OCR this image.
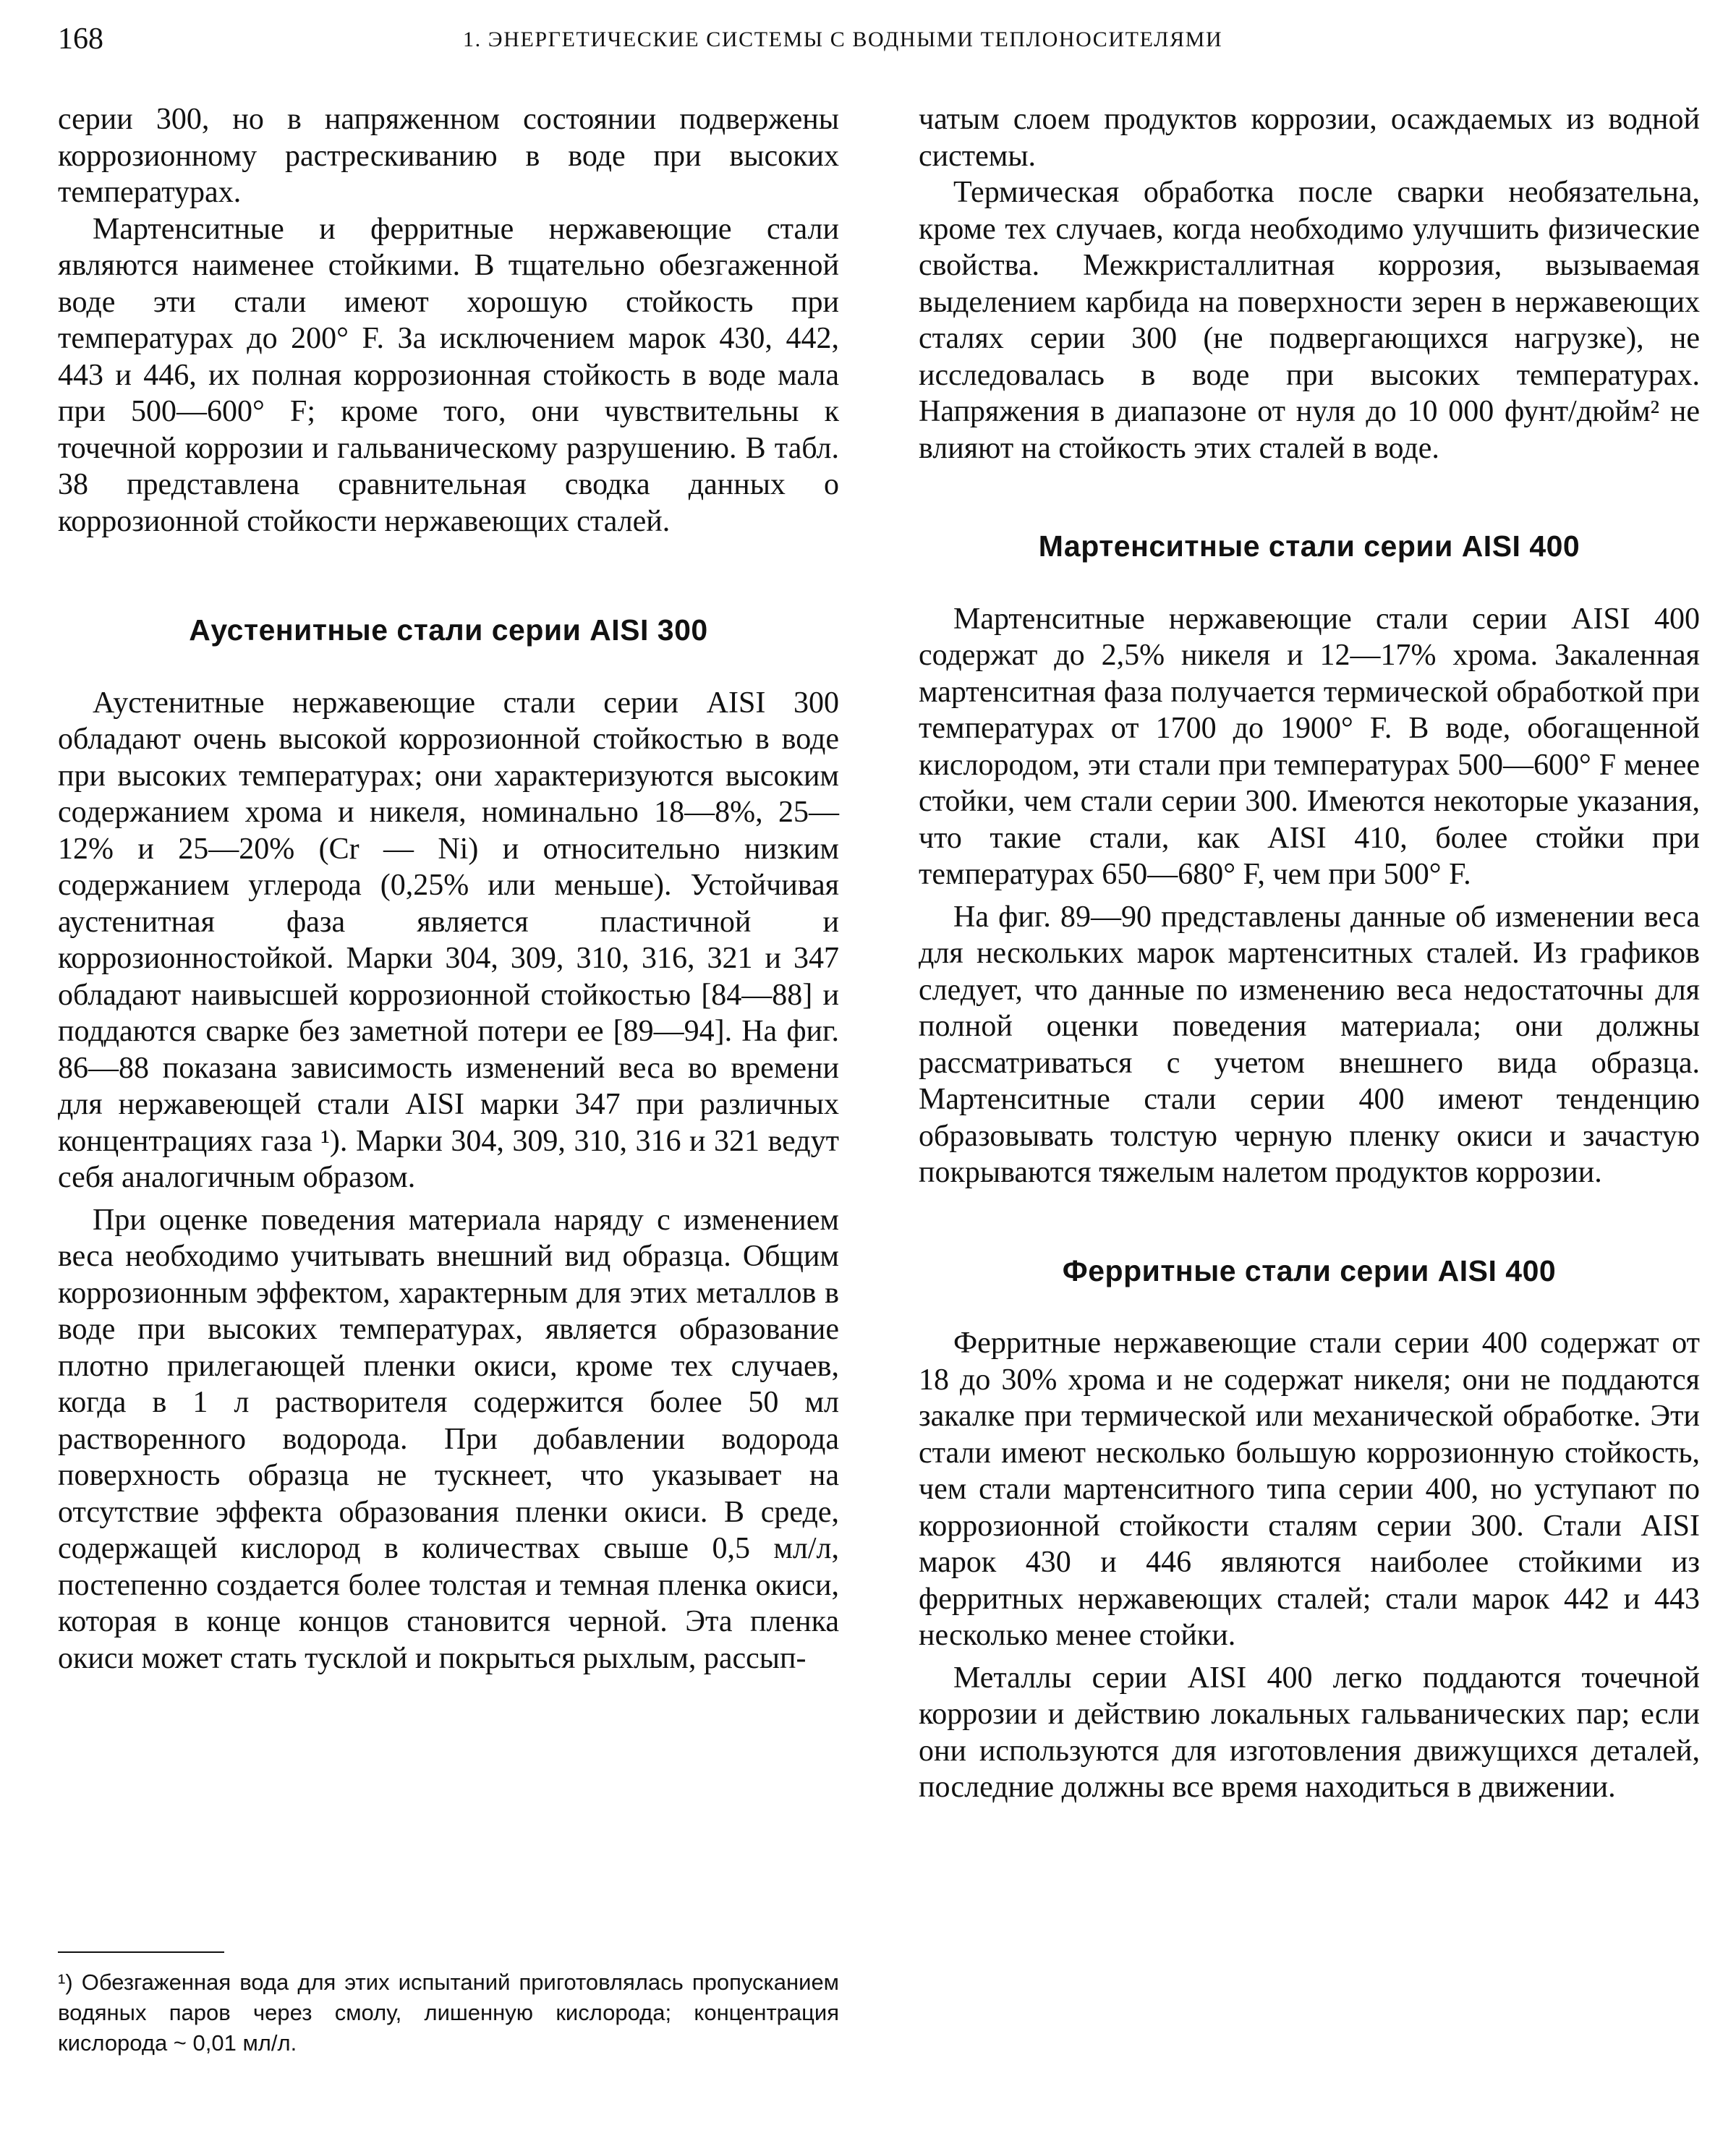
168	1. ЭНЕРГЕТИЧЕСКИЕ СИСТЕМЫ С ВОДНЫМИ ТЕПЛОНОСИТЕЛЯМИ

серии 300, но в напряженном состоянии подвержены коррозионному растрескиванию в воде при высоких температурах.

Мартенситные и ферритные нержавеющие стали являются наименее стойкими. В тщательно обезгаженной воде эти стали имеют хорошую стойкость при температурах до 200° F. За исключением марок 430, 442, 443 и 446, их полная коррозионная стойкость в воде мала при 500—600° F; кроме того, они чувствительны к точечной коррозии и гальваническому разрушению. В табл. 38 представлена сравнительная сводка данных о коррозионной стойкости нержавеющих сталей.

Аустенитные стали серии AISI 300

Аустенитные нержавеющие стали серии AISI 300 обладают очень высокой коррозионной стойкостью в воде при высоких температурах; они характеризуются высоким содержанием хрома и никеля, номинально 18—8%, 25—12% и 25—20% (Cr — Ni) и относительно низким содержанием углерода (0,25% или меньше). Устойчивая аустенитная фаза является пластичной и коррозионностойкой. Марки 304, 309, 310, 316, 321 и 347 обладают наивысшей коррозионной стойкостью [84—88] и поддаются сварке без заметной потери ее [89—94]. На фиг. 86—88 показана зависимость изменений веса во времени для нержавеющей стали AISI марки 347 при различных концентрациях газа ¹). Марки 304, 309, 310, 316 и 321 ведут себя аналогичным образом.

При оценке поведения материала наряду с изменением веса необходимо учитывать внешний вид образца. Общим коррозионным эффектом, характерным для этих металлов в воде при высоких температурах, является образование плотно прилегающей пленки окиси, кроме тех случаев, когда в 1 л растворителя содержится более 50 мл растворенного водорода. При добавлении водорода поверхность образца не тускнеет, что указывает на отсутствие эффекта образования пленки окиси. В среде, содержащей кислород в количествах свыше 0,5 мл/л, постепенно создается более толстая и темная пленка окиси, которая в конце концов становится черной. Эта пленка окиси может стать тусклой и покрыться рыхлым, рассып-

чатым слоем продуктов коррозии, осаждаемых из водной системы.

Термическая обработка после сварки необязательна, кроме тех случаев, когда необходимо улучшить физические свойства. Межкристаллитная коррозия, вызываемая выделением карбида на поверхности зерен в нержавеющих сталях серии 300 (не подвергающихся нагрузке), не исследовалась в воде при высоких температурах. Напряжения в диапазоне от нуля до 10 000 фунт/дюйм² не влияют на стойкость этих сталей в воде.

Мартенситные стали серии AISI 400

Мартенситные нержавеющие стали серии AISI 400 содержат до 2,5% никеля и 12—17% хрома. Закаленная мартенситная фаза получается термической обработкой при температурах от 1700 до 1900° F. В воде, обогащенной кислородом, эти стали при температурах 500—600° F менее стойки, чем стали серии 300. Имеются некоторые указания, что такие стали, как AISI 410, более стойки при температурах 650—680° F, чем при 500° F.

На фиг. 89—90 представлены данные об изменении веса для нескольких марок мартенситных сталей. Из графиков следует, что данные по изменению веса недостаточны для полной оценки поведения материала; они должны рассматриваться с учетом внешнего вида образца. Мартенситные стали серии 400 имеют тенденцию образовывать толстую черную пленку окиси и зачастую покрываются тяжелым налетом продуктов коррозии.

Ферритные стали серии AISI 400

Ферритные нержавеющие стали серии 400 содержат от 18 до 30% хрома и не содержат никеля; они не поддаются закалке при термической или механической обработке. Эти стали имеют несколько большую коррозионную стойкость, чем стали мартенситного типа серии 400, но уступают по коррозионной стойкости сталям серии 300. Стали AISI марок 430 и 446 являются наиболее стойкими из ферритных нержавеющих сталей; стали марок 442 и 443 несколько менее стойки.

Металлы серии AISI 400 легко поддаются точечной коррозии и действию локальных гальванических пар; если они используются для изготовления движущихся деталей, последние должны все время находиться в движении.

¹) Обезгаженная вода для этих испытаний приготовлялась пропусканием водяных паров через смолу, лишенную кислорода; концентрация кислорода ~ 0,01 мл/л.
